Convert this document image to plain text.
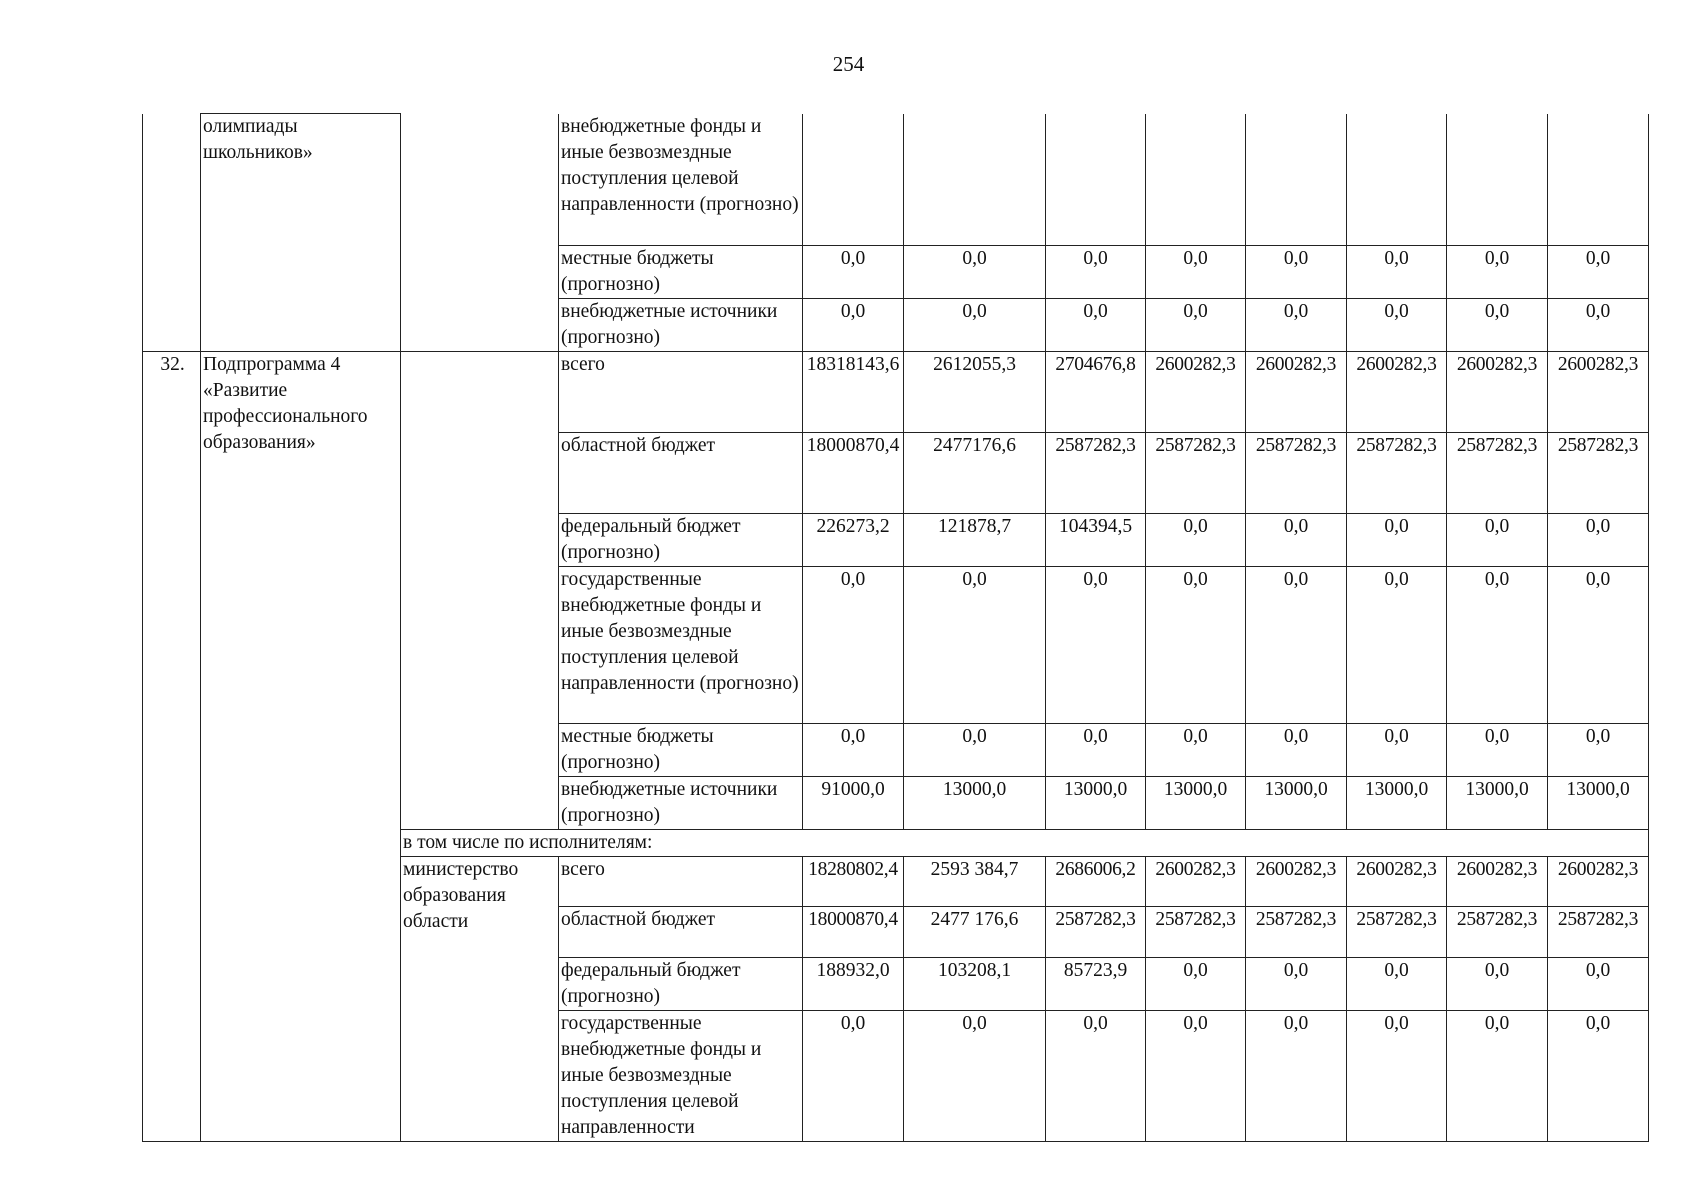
254
	олимпиады школьников»		внебюджетные фонды и иные безвозмездные поступления целевой направленности (прогнозно)								
			местные бюджеты (прогнозно)	0,0	0,0	0,0	0,0	0,0	0,0	0,0	0,0
			внебюджетные источники (прогнозно)	0,0	0,0	0,0	0,0	0,0	0,0	0,0	0,0
32.	Подпрограмма 4 «Развитие профессионального образования»		всего	18318143,6	2612055,3	2704676,8	2600282,3	2600282,3	2600282,3	2600282,3	2600282,3
			областной бюджет	18000870,4	2477176,6	2587282,3	2587282,3	2587282,3	2587282,3	2587282,3	2587282,3
			федеральный бюджет (прогнозно)	226273,2	121878,7	104394,5	0,0	0,0	0,0	0,0	0,0
			государственные внебюджетные фонды и иные безвозмездные поступления целевой направленности (прогнозно)	0,0	0,0	0,0	0,0	0,0	0,0	0,0	0,0
			местные бюджеты (прогнозно)	0,0	0,0	0,0	0,0	0,0	0,0	0,0	0,0
			внебюджетные источники (прогнозно)	91000,0	13000,0	13000,0	13000,0	13000,0	13000,0	13000,0	13000,0
		в том числе по исполнителям:									
		министерство образования области	всего	18280802,4	2593 384,7	2686006,2	2600282,3	2600282,3	2600282,3	2600282,3	2600282,3
			областной бюджет	18000870,4	2477 176,6	2587282,3	2587282,3	2587282,3	2587282,3	2587282,3	2587282,3
			федеральный бюджет (прогнозно)	188932,0	103208,1	85723,9	0,0	0,0	0,0	0,0	0,0
			государственные внебюджетные фонды и иные безвозмездные поступления целевой направленности	0,0	0,0	0,0	0,0	0,0	0,0	0,0	0,0
